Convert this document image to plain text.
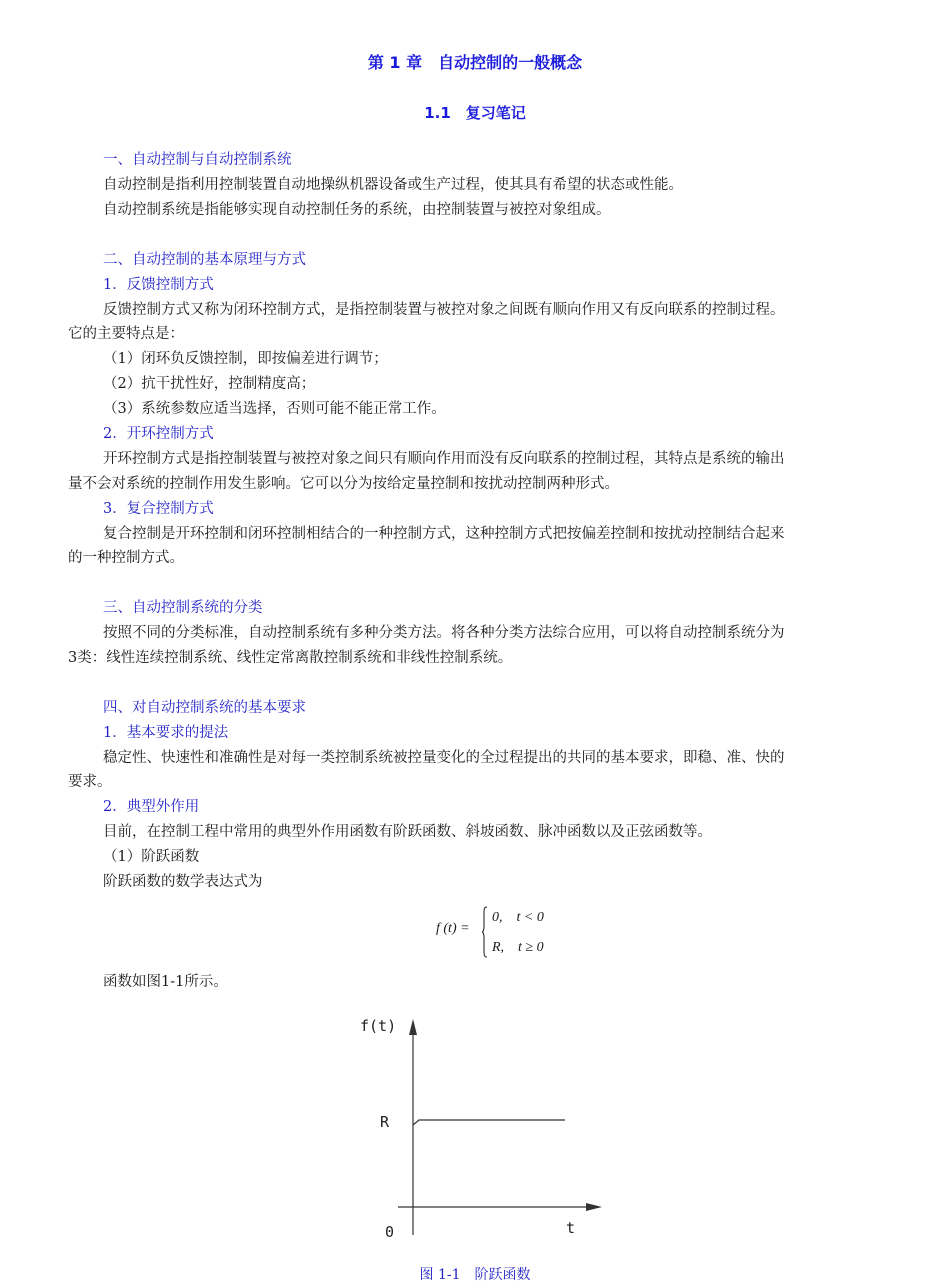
第 1 章　自动控制的一般概念
1.1　复习笔记
一、自动控制与自动控制系统
自动控制是指利用控制装置自动地操纵机器设备或生产过程，使其具有希望的状态或性能。
自动控制系统是指能够实现自动控制任务的系统，由控制装置与被控对象组成。
二、自动控制的基本原理与方式
1．反馈控制方式
反馈控制方式又称为闭环控制方式，是指控制装置与被控对象之间既有顺向作用又有反向联系的控制过程。
它的主要特点是：
（1）闭环负反馈控制，即按偏差进行调节；
（2）抗干扰性好，控制精度高；
（3）系统参数应适当选择，否则可能不能正常工作。
2．开环控制方式
开环控制方式是指控制装置与被控对象之间只有顺向作用而没有反向联系的控制过程，其特点是系统的输出
量不会对系统的控制作用发生影响。它可以分为按给定量控制和按扰动控制两种形式。
3．复合控制方式
复合控制是开环控制和闭环控制相结合的一种控制方式，这种控制方式把按偏差控制和按扰动控制结合起来
的一种控制方式。
三、自动控制系统的分类
按照不同的分类标准，自动控制系统有多种分类方法。将各种分类方法综合应用，可以将自动控制系统分为
3类：线性连续控制系统、线性定常离散控制系统和非线性控制系统。
四、对自动控制系统的基本要求
1．基本要求的提法
稳定性、快速性和准确性是对每一类控制系统被控量变化的全过程提出的共同的基本要求，即稳、准、快的
要求。
2．典型外作用
目前，在控制工程中常用的典型外作用函数有阶跃函数、斜坡函数、脉冲函数以及正弦函数等。
（1）阶跃函数
阶跃函数的数学表达式为
f (t) =
0,　t < 0
R,　t ≥ 0
函数如图1-1所示。
f(t)
R
0	t
图 1-1　阶跃函数
